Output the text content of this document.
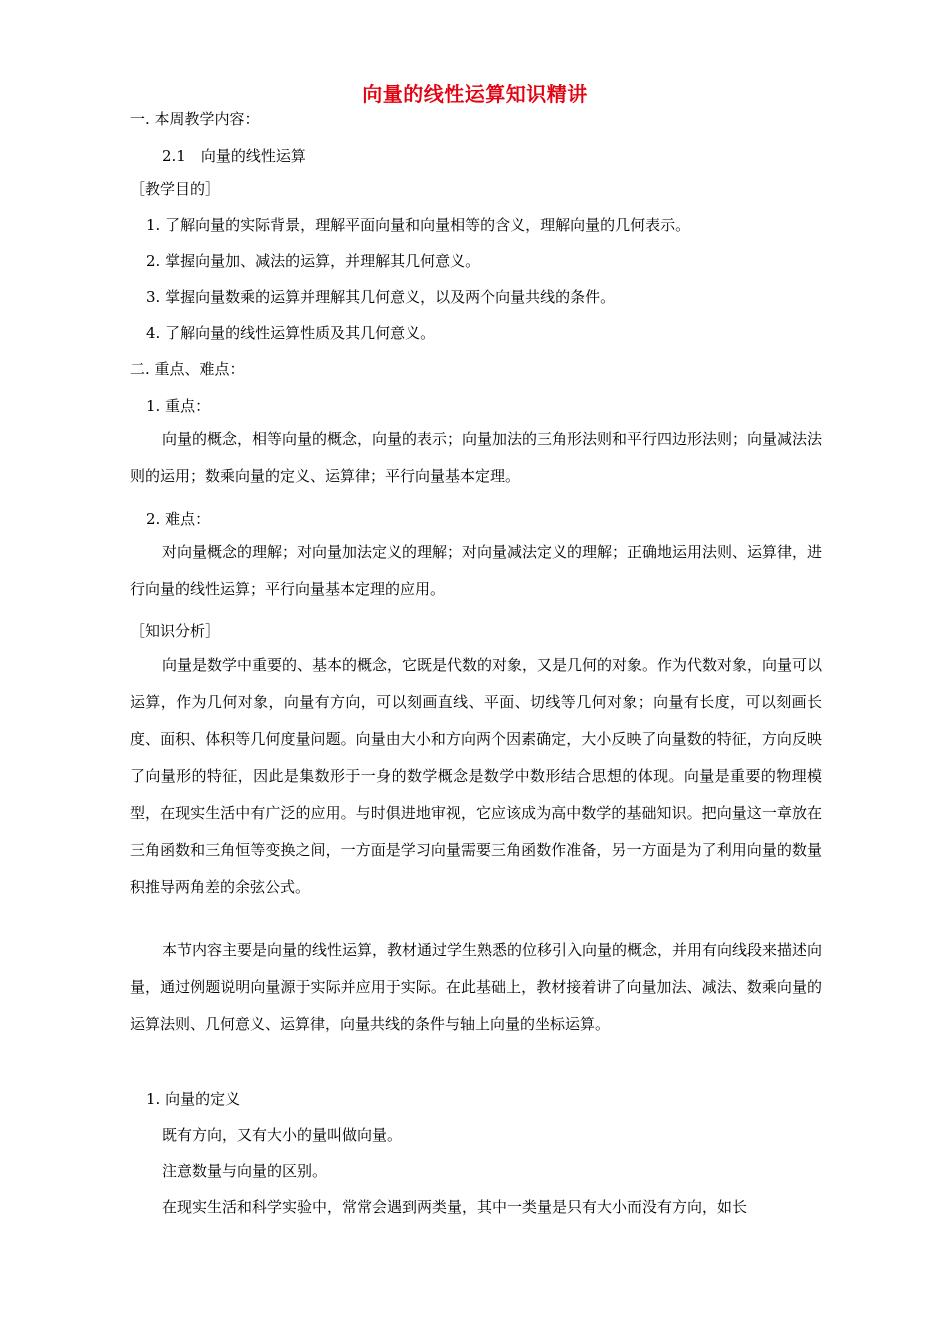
向量的线性运算知识精讲
一. 本周教学内容：
2.1　向量的线性运算
［教学目的］
1. 了解向量的实际背景，理解平面向量和向量相等的含义，理解向量的几何表示。
2. 掌握向量加、减法的运算，并理解其几何意义。
3. 掌握向量数乘的运算并理解其几何意义，以及两个向量共线的条件。
4. 了解向量的线性运算性质及其几何意义。
二. 重点、难点：
1. 重点：
向量的概念，相等向量的概念，向量的表示；向量加法的三角形法则和平行四边形法则；向量减法法则的运用；数乘向量的定义、运算律；平行向量基本定理。
2. 难点：
对向量概念的理解；对向量加法定义的理解；对向量减法定义的理解；正确地运用法则、运算律，进行向量的线性运算；平行向量基本定理的应用。
［知识分析］
向量是数学中重要的、基本的概念，它既是代数的对象，又是几何的对象。作为代数对象，向量可以运算，作为几何对象，向量有方向，可以刻画直线、平面、切线等几何对象；向量有长度，可以刻画长度、面积、体积等几何度量问题。向量由大小和方向两个因素确定，大小反映了向量数的特征，方向反映了向量形的特征，因此是集数形于一身的数学概念是数学中数形结合思想的体现。向量是重要的物理模型，在现实生活中有广泛的应用。与时俱进地审视，它应该成为高中数学的基础知识。把向量这一章放在三角函数和三角恒等变换之间，一方面是学习向量需要三角函数作准备，另一方面是为了利用向量的数量积推导两角差的余弦公式。
本节内容主要是向量的线性运算，教材通过学生熟悉的位移引入向量的概念，并用有向线段来描述向量，通过例题说明向量源于实际并应用于实际。在此基础上，教材接着讲了向量加法、减法、数乘向量的运算法则、几何意义、运算律，向量共线的条件与轴上向量的坐标运算。
1. 向量的定义
既有方向，又有大小的量叫做向量。
注意数量与向量的区别。
在现实生活和科学实验中，常常会遇到两类量，其中一类量是只有大小而没有方向，如长
